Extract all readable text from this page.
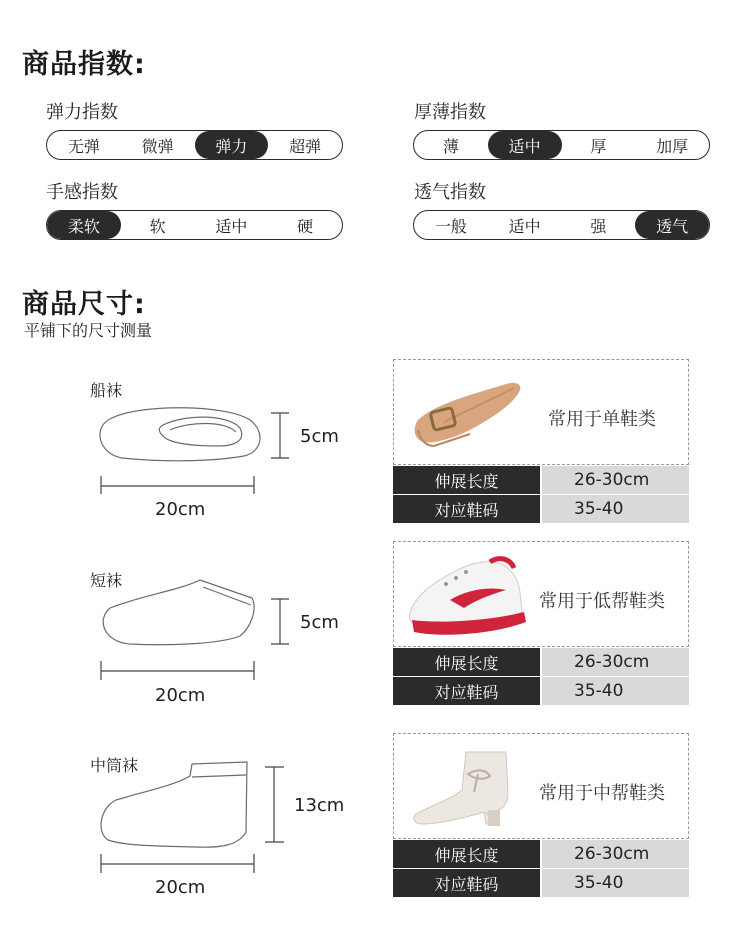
商品指数:
弹力指数
无弹	微弹	弹力	超弹
厚薄指数
薄	适中	厚	加厚
手感指数
柔软	软	适中	硬
透气指数
一般	适中	强	透气
商品尺寸:
平铺下的尺寸测量
船袜
短袜
中筒袜
5cm
20cm
5cm
20cm
13cm
20cm
常用于单鞋类
伸展长度	26-30cm
对应鞋码	35-40
常用于低帮鞋类
伸展长度	26-30cm
对应鞋码	35-40
常用于中帮鞋类
伸展长度	26-30cm
对应鞋码	35-40
